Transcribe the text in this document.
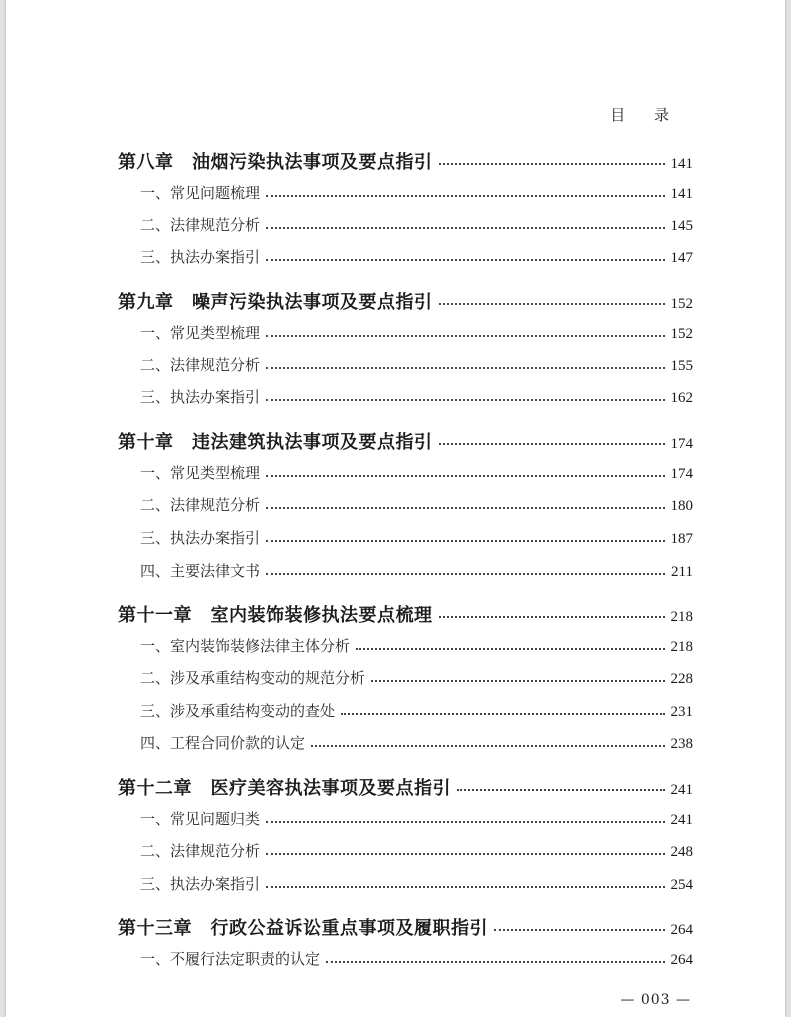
目 录
第八章　油烟污染执法事项及要点指引	141
一、常见问题梳理	141
二、法律规范分析	145
三、执法办案指引	147
第九章　噪声污染执法事项及要点指引	152
一、常见类型梳理	152
二、法律规范分析	155
三、执法办案指引	162
第十章　违法建筑执法事项及要点指引	174
一、常见类型梳理	174
二、法律规范分析	180
三、执法办案指引	187
四、主要法律文书	211
第十一章　室内装饰装修执法要点梳理	218
一、室内装饰装修法律主体分析	218
二、涉及承重结构变动的规范分析	228
三、涉及承重结构变动的查处	231
四、工程合同价款的认定	238
第十二章　医疗美容执法事项及要点指引	241
一、常见问题归类	241
二、法律规范分析	248
三、执法办案指引	254
第十三章　行政公益诉讼重点事项及履职指引	264
一、不履行法定职责的认定	264
— 003 —
